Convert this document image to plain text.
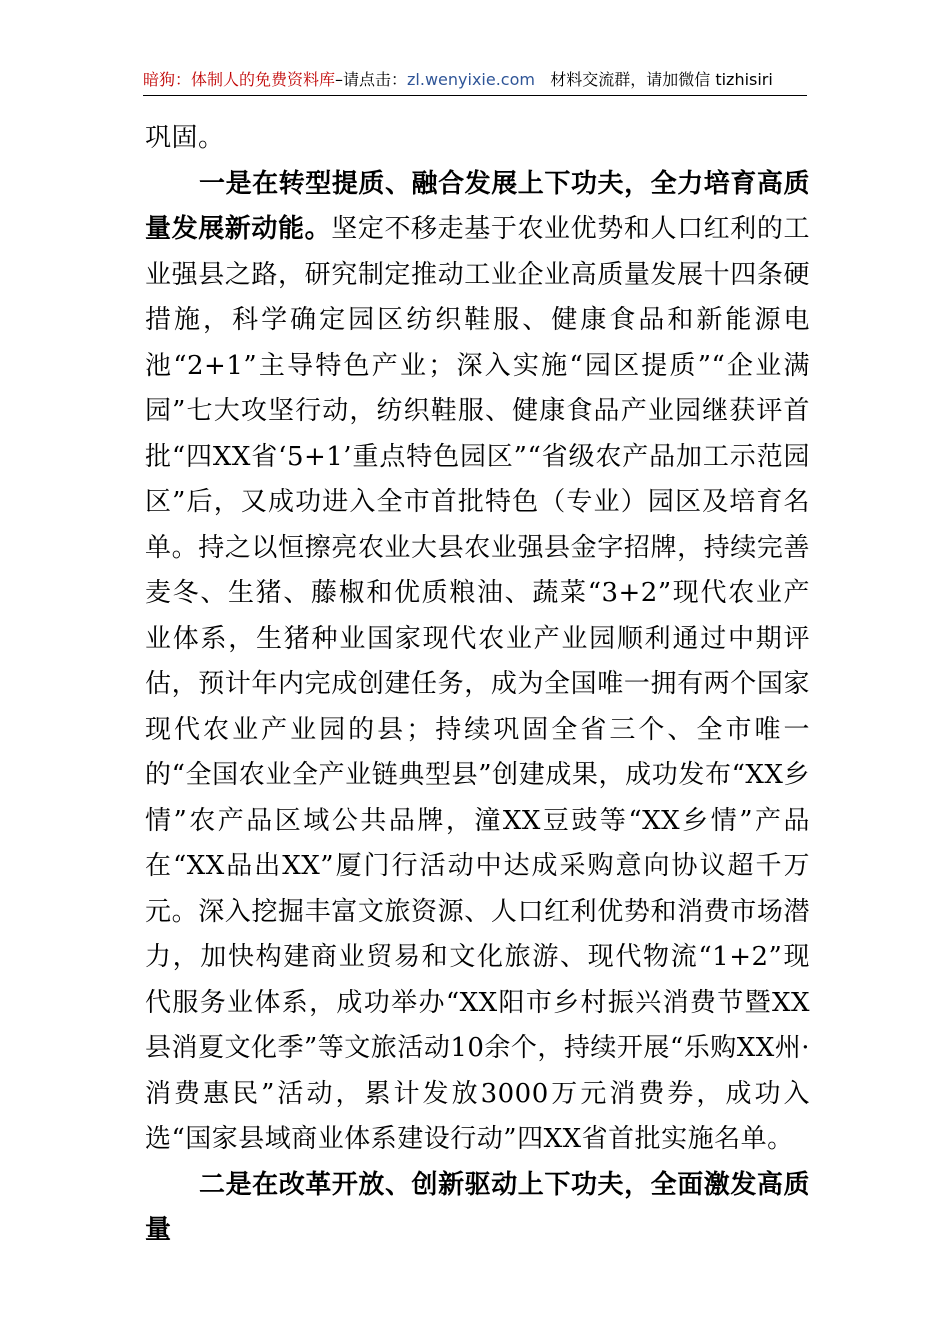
暗狗：体制人的免费资料库–请点击：zl.wenyixie.com 材料交流群，请加微信 tizhisiri

巩固。

一是在转型提质、融合发展上下功夫，全力培育高质量发展新动能。坚定不移走基于农业优势和人口红利的工业强县之路，研究制定推动工业企业高质量发展十四条硬措施，科学确定园区纺织鞋服、健康食品和新能源电池“2+1”主导特色产业；深入实施“园区提质”“企业满园”七大攻坚行动，纺织鞋服、健康食品产业园继获评首批“四XX省‘5+1’重点特色园区”“省级农产品加工示范园区”后，又成功进入全市首批特色（专业）园区及培育名单。持之以恒擦亮农业大县农业强县金字招牌，持续完善麦冬、生猪、藤椒和优质粮油、蔬菜“3+2”现代农业产业体系，生猪种业国家现代农业产业园顺利通过中期评估，预计年内完成创建任务，成为全国唯一拥有两个国家现代农业产业园的县；持续巩固全省三个、全市唯一的“全国农业全产业链典型县”创建成果，成功发布“XX乡情”农产品区域公共品牌，潼XX豆豉等“XX乡情”产品在“XX品出XX”厦门行活动中达成采购意向协议超千万元。深入挖掘丰富文旅资源、人口红利优势和消费市场潜力，加快构建商业贸易和文化旅游、现代物流“1+2”现代服务业体系，成功举办“XX阳市乡村振兴消费节暨XX县消夏文化季”等文旅活动10余个，持续开展“乐购XX州·消费惠民”活动，累计发放3000万元消费券，成功入选“国家县域商业体系建设行动”四XX省首批实施名单。

二是在改革开放、创新驱动上下功夫，全面激发高质量
